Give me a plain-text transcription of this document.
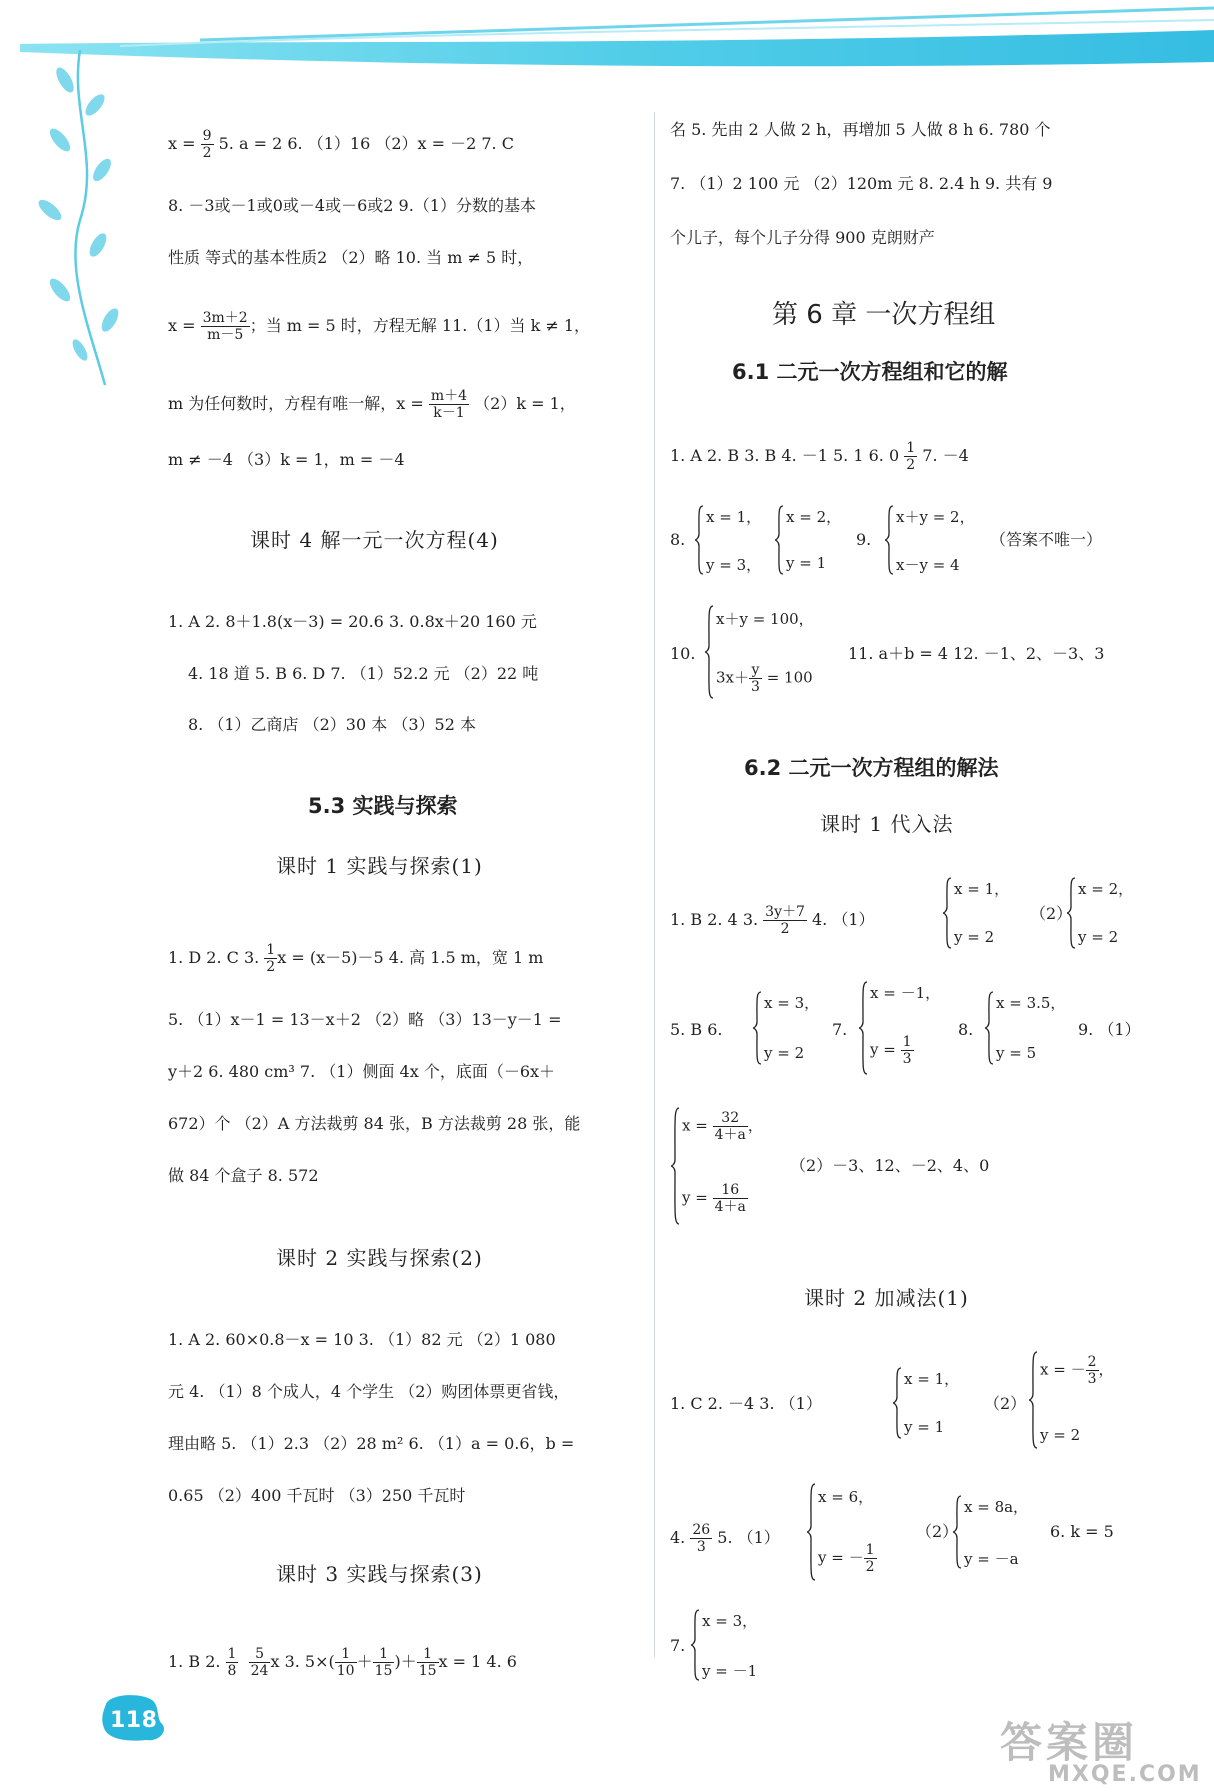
118	答案圈
MXQE.COM
$x = \frac{9}{2} 5$. a = 2 6. （1）16 （2）x = －2 7. C
8. －3或－1或0或－4或－6或2 9.（1）分数的基本
性质 等式的基本性质2 （2）略 10. 当 m ≠ 5 时，
$x = \frac{3m+2}{m-5}$ ；当 m = 5 时，方程无解 11.（1）当 k ≠ 1，
m 为任何数时，方程有唯一解，$x = \frac{m+4}{k-1} (2)k = 1$，
m ≠ －4 （3）k = 1，m = －4
课时 4 解一元一次方程(4)
1. A 2. 8＋1.8(x－3) = 20.6 3. 0.8x＋20 160 元
4. 18 道 5. B 6. D 7. （1）52.2 元 （2）22 吨
8. （1）乙商店 （2）30 本 （3）52 本
5.3 实践与探索
课时 1 实践与探索(1)
1. D 2. C 3. $\frac{1}{2}$ x = (x－5)－5 4. 高 1.5 m，宽 1 m
5. （1）x－1 = 13－x＋2 （2）略 （3）13－y－1 =
y＋2 6. 480 cm³ 7. （1）侧面 4x 个，底面（－6x＋
672）个 （2）A 方法裁剪 84 张，B 方法裁剪 28 张，能
做 84 个盒子 8. 572
课时 2 实践与探索(2)
1. A 2. 60×0.8－x = 10 3. （1）82 元 （2）1 080
元 4. （1）8 个成人，4 个学生 （2）购团体票更省钱，
理由略 5. （1）2.3 （2）28 m² 6. （1）a = 0.6，b =
0.65 （2）400 千瓦时 （3）250 千瓦时
课时 3 实践与探索(3)
1. B 2. $\frac{1}{8}$
$\frac{5}{24}$ x 3. $5\times( \frac{1}{10} + \frac{1}{15}$ )＋ $\frac{1}{15}$ x = 1 4. 6
名 5. 先由 2 人做 2 h，再增加 5 人做 8 h 6. 780 个
7. （1）2 100 元 （2）120m 元 8. 2.4 h 9. 共有 9
个儿子，每个儿子分得 900 克朗财产
第 6 章 一次方程组
6.1 二元一次方程组和它的解
1. A 2. B 3. B 4. －1 5. 1 6. $0 \frac{1}{2} 7$. －4
8.
x = 1，
y = 3，
x = 2，
y = 1
9.
x＋y = 2，
x－y = 4
（答案不唯一）
10.
x＋y = 100，
$3x+ \frac{y}{3} = 100$
11. a＋b = 4 12. －1、2、－3、3
6.2 二元一次方程组的解法
课时 1 代入法
1. B 2. 4 3. $\frac{3y+7}{2} 4$. （1）
x = 1，
y = 2
（2）
x = 2，
y = 2
5. B 6.
x = 3，
y = 2
7.
x = －1，
$y = \frac{1}{3}$
8.
x = 3.5，
y = 5
9. （1）
$x = \frac{32}{4+a}$ ，
$y = \frac{16}{4+a}$
（2）－3、12、－2、4、0
课时 2 加减法(1)
1. C 2. －4 3. （1）
x = 1，
y = 1
（2）
x = － $\frac{2}{3}$ ，
y = 2
4. $\frac{26}{3} 5$. （1）
x = 6，
y = － $\frac{1}{2}$
（2）
x = 8a，
y = －a
6. k = 5
7.
x = 3，
y = －1
